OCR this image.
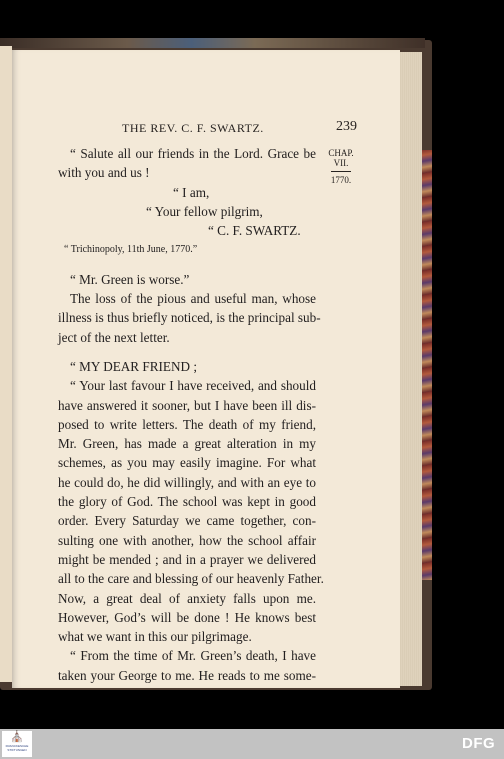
THE REV. C. F. SWARTZ.	239
CHAP.
VII.
1770.
“ Salute all our friends in the Lord. Grace be
with you and us !
“ I am,
“ Your fellow pilgrim,
“ C. F. SWARTZ.
“ Trichinopoly, 11th June, 1770.”
“ Mr. Green is worse.”
The loss of the pious and useful man, whose
illness is thus briefly noticed, is the principal sub-
ject of the next letter.
“ MY DEAR FRIEND ;
“ Your last favour I have received, and should
have answered it sooner, but I have been ill dis-
posed to write letters. The death of my friend,
Mr. Green, has made a great alteration in my
schemes, as you may easily imagine. For what
he could do, he did willingly, and with an eye to
the glory of God. The school was kept in good
order. Every Saturday we came together, con-
sulting one with another, how the school affair
might be mended ; and in a prayer we delivered
all to the care and blessing of our heavenly Father.
Now, a great deal of anxiety falls upon me.
However, God’s will be done ! He knows best
what we want in this our pilgrimage.
“ From the time of Mr. Green’s death, I have
taken your George to me. He reads to me some-
⛪
FRANCKESCHE STIFTUNGEN	DFG
